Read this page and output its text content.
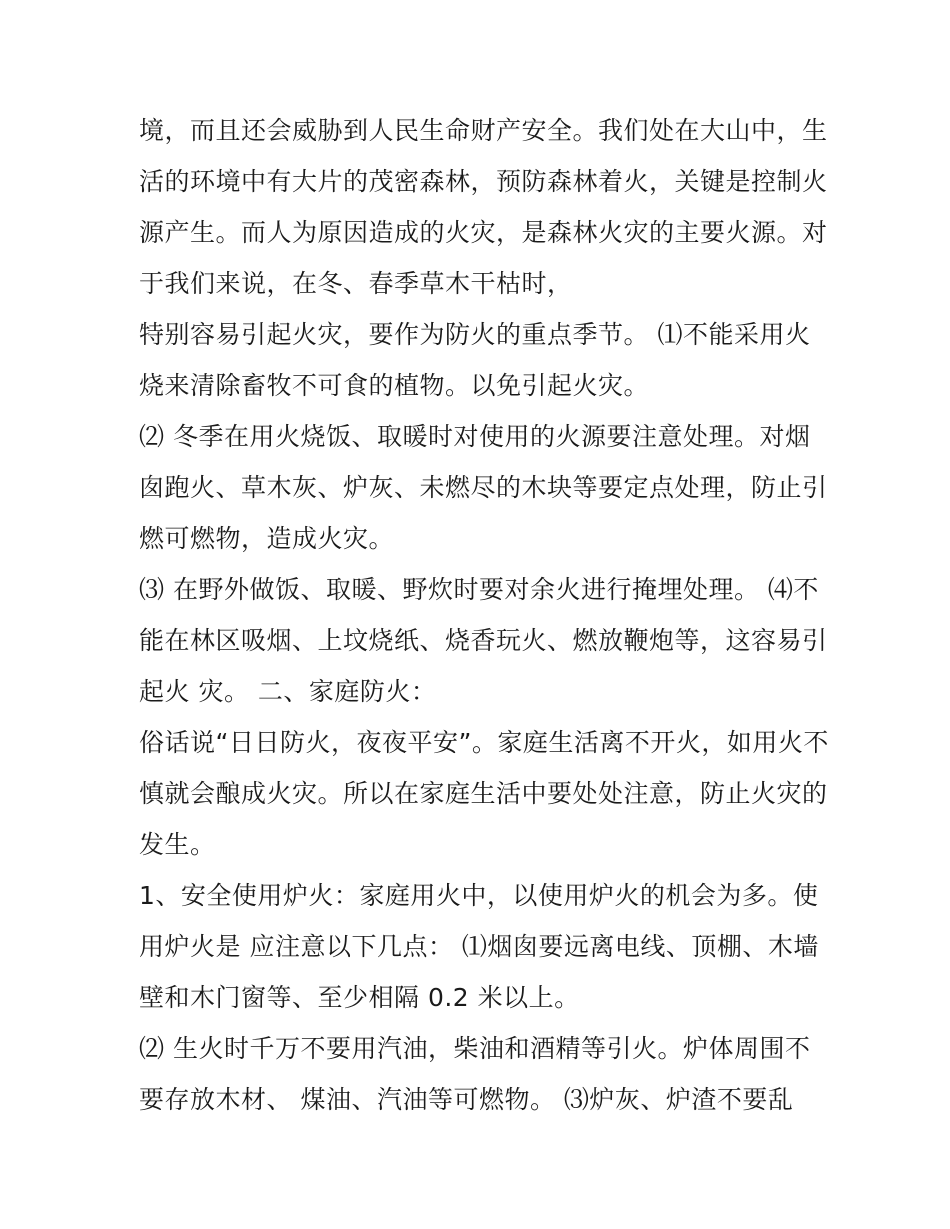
境，而且还会威胁到人民生命财产安全。我们处在大山中，生
活的环境中有大片的茂密森林，预防森林着火，关键是控制火
源产生。而人为原因造成的火灾，是森林火灾的主要火源。对
于我们来说，在冬、春季草木干枯时，
特别容易引起火灾，要作为防火的重点季节。 ⑴不能采用火
烧来清除畜牧不可食的植物。以免引起火灾。
⑵ 冬季在用火烧饭、取暖时对使用的火源要注意处理。对烟
囱跑火、草木灰、炉灰、未燃尽的木块等要定点处理，防止引
燃可燃物，造成火灾。
⑶ 在野外做饭、取暖、野炊时要对余火进行掩埋处理。 ⑷不
能在林区吸烟、上坟烧纸、烧香玩火、燃放鞭炮等，这容易引
起火 灾。 二、家庭防火：
俗话说“日日防火，夜夜平安”。家庭生活离不开火，如用火不
慎就会酿成火灾。所以在家庭生活中要处处注意，防止火灾的
发生。
1、安全使用炉火：家庭用火中，以使用炉火的机会为多。使
用炉火是 应注意以下几点： ⑴烟囱要远离电线、顶棚、木墙
壁和木门窗等、至少相隔 0.2 米以上。
⑵ 生火时千万不要用汽油，柴油和酒精等引火。炉体周围不
要存放木材、 煤油、汽油等可燃物。 ⑶炉灰、炉渣不要乱
